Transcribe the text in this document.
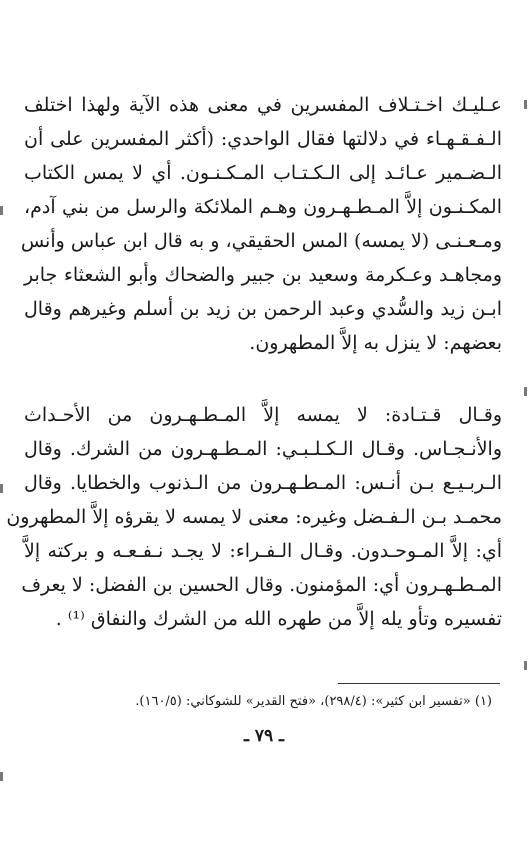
عـليـك اخـتـلاف المفسرين في معنى هذه الآية ولهذا اختلف
الـفـقـهـاء في دلالتها فقال الواحدي: (أكثر المفسرين على أن
الـضـمير عـائـد إلى الـكـتـاب المـكـنـون. أي لا يمس الكتاب
المكـنـون إلاَّ المـطـهـرون وهـم الملائكة والرسل من بني آدم،
ومـعـنـى (لا يمسه) المس الحقيقي، و به قال ابن عباس وأنس
ومجاهـد وعـكرمة وسعيد بن جبير والضحاك وأبو الشعثاء جابر
ابـن زيد والسُّدي وعبد الرحمن بن زيد بن أسلم وغيرهم وقال
بعضهم: لا ينزل به إلاَّ المطهرون.
وقـال قـتـادة: لا يمسه إلاَّ المـطـهـرون من الأحـداث
والأنـجـاس. وقـال الـكـلـبـي: المـطـهـرون من الشرك. وقال
الـربـيـع بـن أنـس: المـطـهـرون من الـذنوب والخطايا. وقال
محمـد بـن الـفـضل وغيره: معنى لا يمسه لا يقرؤه إلاَّ المطهرون
أي: إلاَّ المـوحـدون. وقـال الـفـراء: لا يجـد نـفـعـه و بركته إلاَّ
المـطـهـرون أي: المؤمنون. وقال الحسين بن الفضل: لا يعرف
تفسيره وتأو يله إلاَّ من طهره الله من الشرك والنفاق ⁽¹⁾ .
(١) «تفسير ابن كثير»: (٢٩٨/٤)، «فتح القدير» للشوكاني: (١٦٠/٥).
ـ ٧٩ ـ
